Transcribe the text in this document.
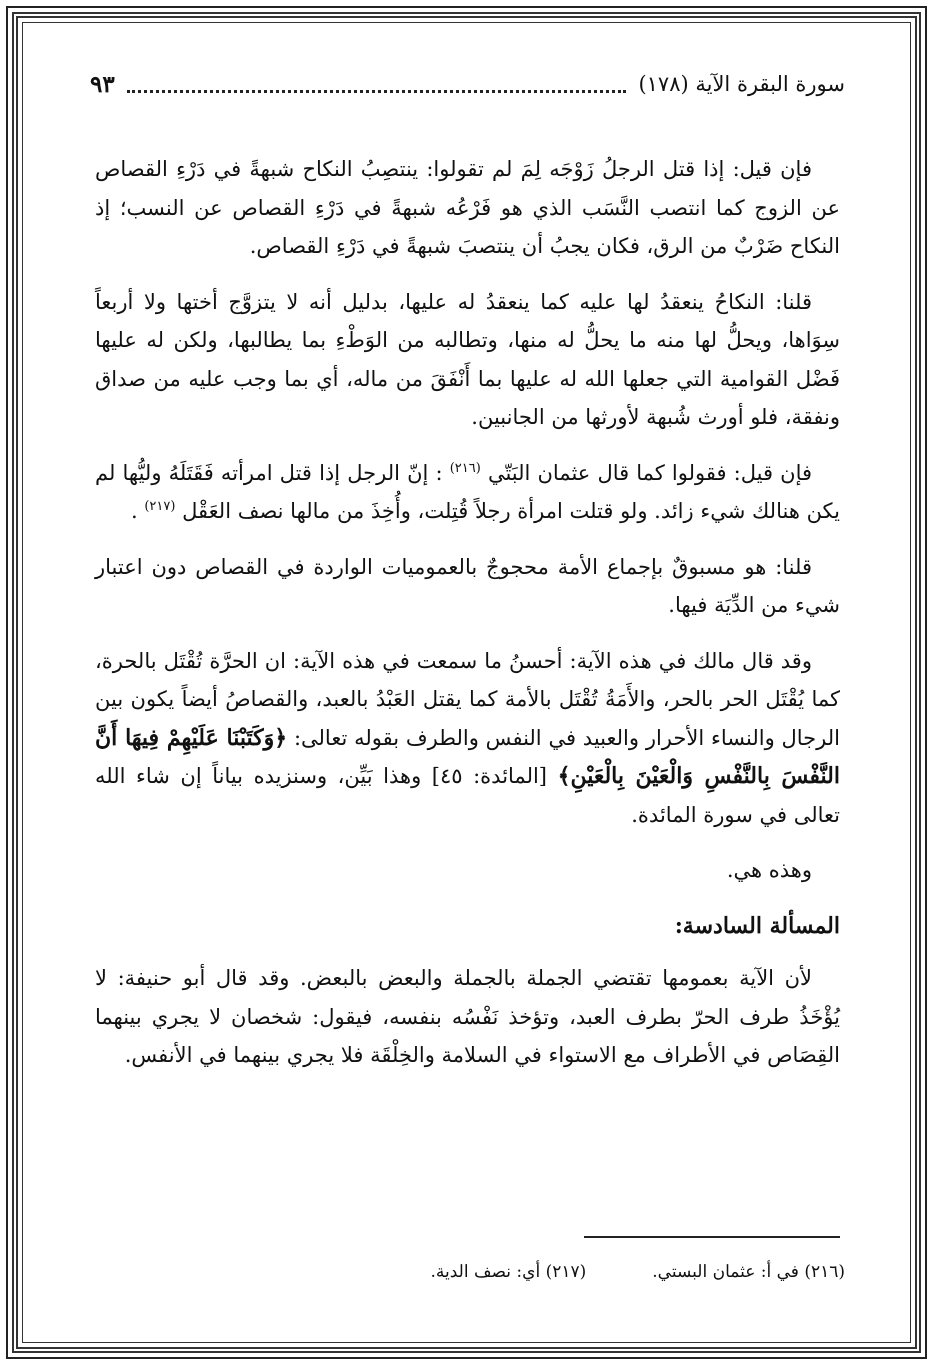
سورة البقرة الآية (١٧٨)
٩٣

فإن قيل: إذا قتل الرجلُ زَوْجَه لِمَ لم تقولوا: ينتصِبُ النكاح شبهةً في دَرْءِ القصاص عن الزوج كما انتصب النَّسَب الذي هو فَرْعُه شبهةً في دَرْءِ القصاص عن النسب؛ إذ النكاح ضَرْبٌ من الرق، فكان يجبُ أن ينتصبَ شبهةً في دَرْءِ القصاص.

قلنا: النكاحُ ينعقدُ لها عليه كما ينعقدُ له عليها، بدليل أنه لا يتزوَّج أختها ولا أربعاً سِوَاها، ويحلُّ لها منه ما يحلُّ له منها، وتطالبه من الوَطْءِ بما يطالبها، ولكن له عليها فَضْل القوامية التي جعلها الله له عليها بما أَنْفَقَ من ماله، أي بما وجب عليه من صداق ونفقة، فلو أورث شُبهة لأورثها من الجانبين.

فإن قيل: فقولوا كما قال عثمان البَتّي $^{(٢١٦)}$ : إنّ الرجل إذا قتل امرأته فَقَتَلَهُ وليُّها لم يكن هنالك شيء زائد. ولو قتلت امرأة رجلاً قُتِلت، وأُخِذَ من مالها نصف العَقْل $^{(٢١٧)}$ .

قلنا: هو مسبوقٌ بإجماع الأمة محجوجٌ بالعموميات الواردة في القصاص دون اعتبار شيء من الدِّيَة فيها.

وقد قال مالك في هذه الآية: أحسنُ ما سمعت في هذه الآية: ان الحرَّة تُقْتَل بالحرة، كما يُقْتَل الحر بالحر، والأَمَةُ تُقْتَل بالأمة كما يقتل العَبْدُ بالعبد، والقصاصُ أيضاً يكون بين الرجال والنساء الأحرار والعبيد في النفس والطرف بقوله تعالى: ﴿وَكَتَبْنَا عَلَيْهِمْ فِيهَا أَنَّ النَّفْسَ بِالنَّفْسِ وَالْعَيْنَ بِالْعَيْنِ﴾ [المائدة: ٤٥] وهذا بَيِّن، وسنزيده بياناً إن شاء الله تعالى في سورة المائدة.

وهذه هي.

المسألة السادسة:

لأن الآية بعمومها تقتضي الجملة بالجملة والبعض بالبعض. وقد قال أبو حنيفة: لا يُؤْخَذُ طرف الحرّ بطرف العبد، وتؤخذ نَفْسُه بنفسه، فيقول: شخصان لا يجري بينهما القِصَاص في الأطراف مع الاستواء في السلامة والخِلْقَة فلا يجري بينهما في الأنفس.

(٢١٦) في أ: عثمان البستي.
(٢١٧) أي: نصف الدية.
